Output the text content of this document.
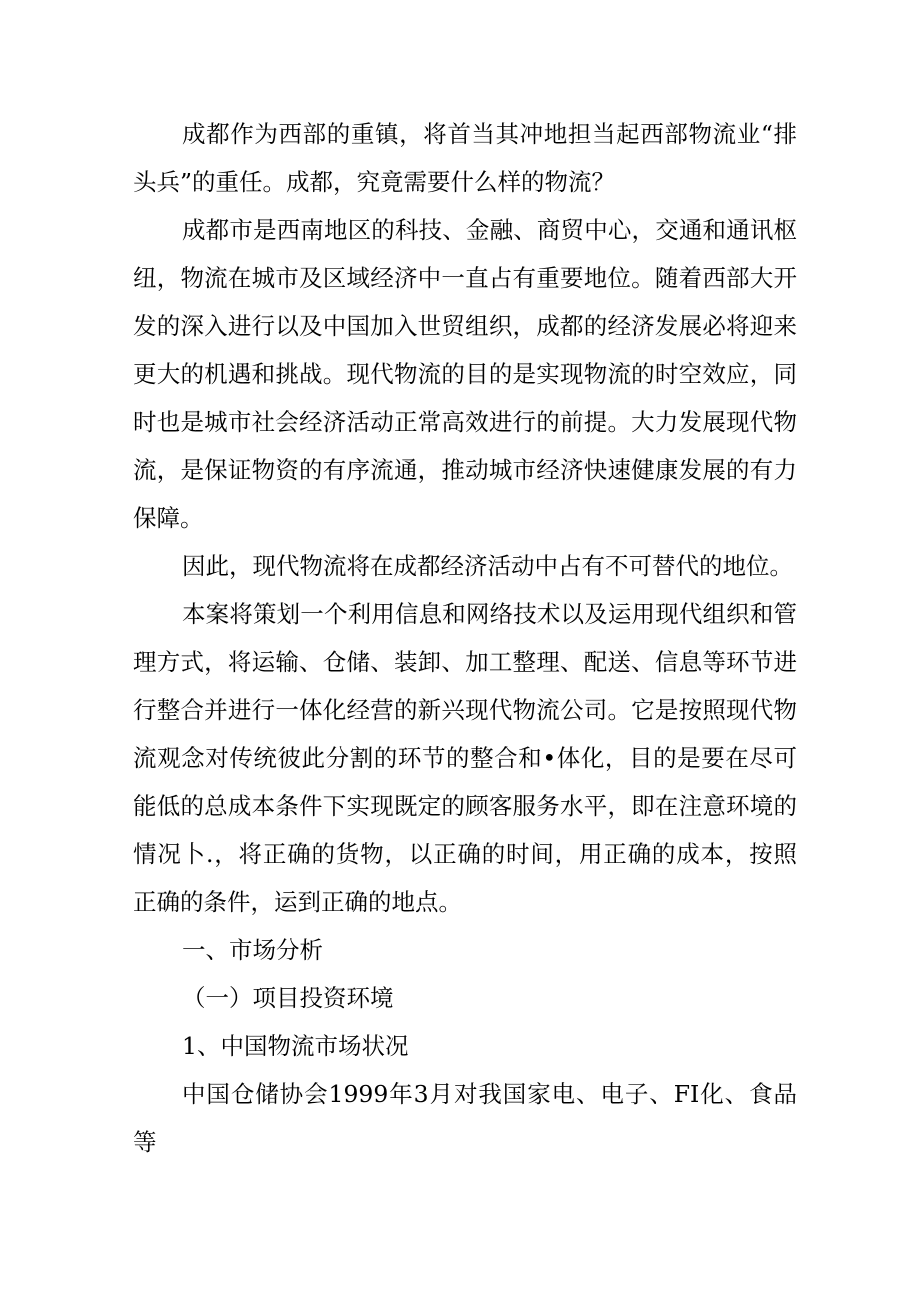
成都作为西部的重镇，将首当其冲地担当起西部物流业“排头兵”的重任。成都，究竟需要什么样的物流？

成都市是西南地区的科技、金融、商贸中心，交通和通讯枢纽，物流在城市及区域经济中一直占有重要地位。随着西部大开发的深入进行以及中国加入世贸组织，成都的经济发展必将迎来更大的机遇和挑战。现代物流的目的是实现物流的时空效应，同时也是城市社会经济活动正常高效进行的前提。大力发展现代物流，是保证物资的有序流通，推动城市经济快速健康发展的有力保障。

因此，现代物流将在成都经济活动中占有不可替代的地位。

本案将策划一个利用信息和网络技术以及运用现代组织和管理方式，将运输、仓储、装卸、加工整理、配送、信息等环节进行整合并进行一体化经营的新兴现代物流公司。它是按照现代物流观念对传统彼此分割的环节的整合和•体化，目的是要在尽可能低的总成本条件下实现既定的顾客服务水平，即在注意环境的情况卜.，将正确的货物，以正确的时间，用正确的成本，按照正确的条件，运到正确的地点。

一、市场分析

（一）项目投资环境

1、中国物流市场状况

中国仓储协会1999年3月对我国家电、电子、FI化、食品等
